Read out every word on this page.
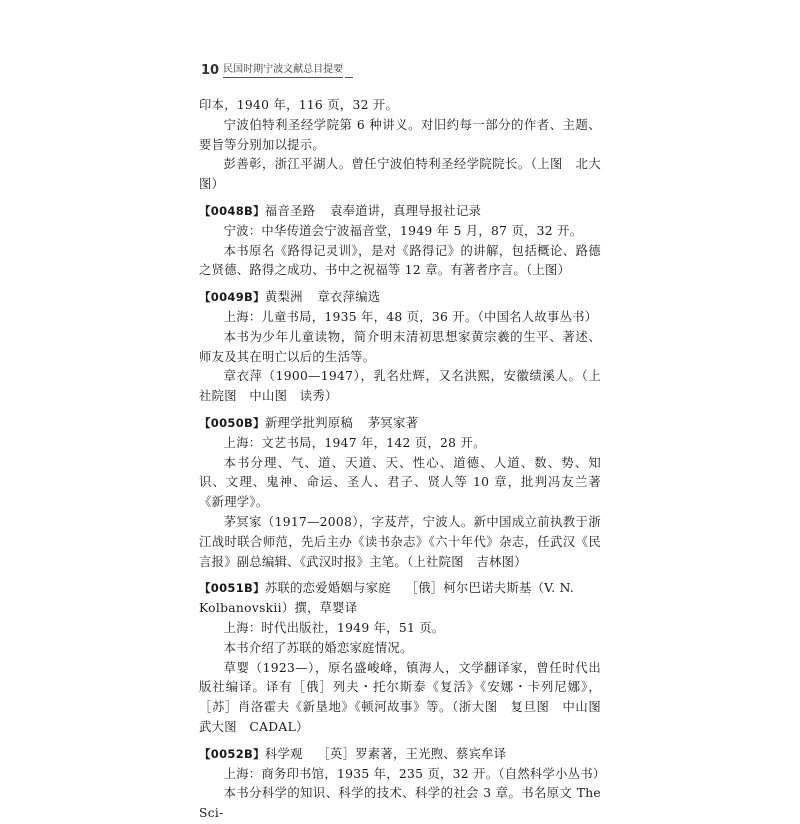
10 民国时期宁波文献总目提要

印本，1940 年，116 页，32 开。

宁波伯特利圣经学院第 6 种讲义。对旧约每一部分的作者、主题、要旨等分别加以提示。

彭善彰，浙江平湖人。曾任宁波伯特利圣经学院院长。（上图　北大图）

【0048B】福音圣路 袁奉道讲，真理导报社记录

宁波：中华传道会宁波福音堂，1949 年 5 月，87 页，32 开。

本书原名《路得记灵训》，是对《路得记》的讲解，包括概论、路德之贤德、路得之成功、书中之祝福等 12 章。有著者序言。（上图）

【0049B】黄梨洲 章衣萍编选

上海：儿童书局，1935 年，48 页，36 开。（中国名人故事丛书）

本书为少年儿童读物，简介明末清初思想家黄宗羲的生平、著述、师友及其在明亡以后的生活等。

章衣萍（1900—1947），乳名灶辉，又名洪熙，安徽绩溪人。（上社院图　中山图　读秀）

【0050B】新理学批判原稿 茅冥家著

上海：文艺书局，1947 年，142 页，28 开。

本书分理、气、道、天道、天、性心、道德、人道、数、势、知识、文理、鬼神、命运、圣人、君子、贤人等 10 章，批判冯友兰著《新理学》。

茅冥家（1917—2008），字芨芹，宁波人。新中国成立前执教于浙江战时联合师范，先后主办《读书杂志》《六十年代》杂志，任武汉《民言报》副总编辑、《武汉时报》主笔。（上社院图　吉林图）

【0051B】苏联的恋爱婚姻与家庭 ［俄］柯尔巴诺夫斯基（V. N. Kolbanovskii）撰，草婴译

上海：时代出版社，1949 年，51 页。

本书介绍了苏联的婚恋家庭情况。

草婴（1923—），原名盛峻峰，镇海人，文学翻译家，曾任时代出版社编译。译有［俄］列夫・托尔斯泰《复活》《安娜・卡列尼娜》，［苏］肖洛霍夫《新垦地》《顿河故事》等。（浙大图　复旦图　中山图　武大图　CADAL）

【0052B】科学观 ［英］罗素著，王光煦、蔡宾牟译

上海：商务印书馆，1935 年，235 页，32 开。（自然科学小丛书）

本书分科学的知识、科学的技术、科学的社会 3 章。书名原文 The Sci-
